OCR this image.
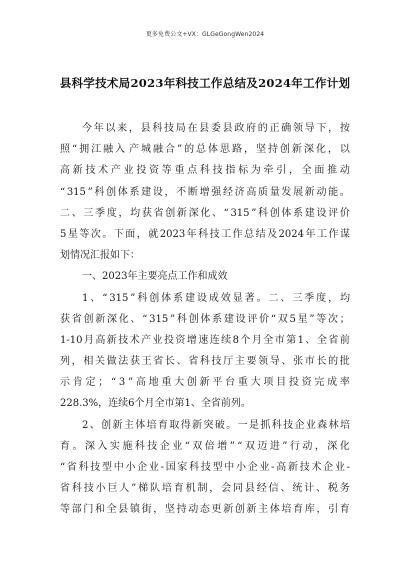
更多免费公文+VX：GLGeGongWen2024
县科学技术局2023年科技工作总结及2024年工作计划
今 年 以 来 ， 县 科 技 局 在 县 委 县 政 府 的 正 确 领 导 下 ， 按
照 “ 拥 江 融 入 产 城 融 合 ” 的 总 体 思 路 ， 坚 持 创 新 深 化 ， 以
高 新 技 术 产 业 投 资 等 重 点 科 技 指 标 为 牵 引 ， 全 面 推 动
“ 315 ” 科 创 体 系 建 设 ， 不 断 增 强 经 济 高 质 量 发 展 新 动 能 。
二 、 三 季 度 ， 均 获 省 创 新 深 化 、 “ 315 ” 科 创 体 系 建 设 评 价
5 星 等 次 。 下 面 ， 就 2023 年 科 技 工 作 总 结 及 2024 年 工 作 谋
划情况汇报如下：
一、2023年主要亮点工作和成效
1 、 “ 315 ” 科 创 体 系 建 设 成 效 显 著 。 二 、 三 季 度 ， 均
获 省 创 新 深 化 、 “ 315 ” 科 创 体 系 建 设 评 价 “ 双 5 星 ” 等 次 ；
1-10 月 高 新 技 术 产 业 投 资 增 速 连 续 8 个 月 全 市 第 1 、 全 省 前
列 ， 相 关 做 法 获 王 省 长 、 省 科 技 厅 主 要 领 导 、 张 市 长 的 批
示 肯 定 ； “ 3 ” 高 地 重 大 创 新 平 台 重 大 项 目 投 资 完 成 率
228.3%，连续6个月全市第1、全省前列。
2 、 创 新 主 体 培 育 取 得 新 突 破 。 一 是 抓 科 技 企 业 森 林 培
育 。 深 入 实 施 科 技 企 业 “ 双 倍 增 ” “ 双 迈 进 ” 行 动 ， 深 化
“ 省 科 技 型 中 小 企 业 - 国 家 科 技 型 中 小 企 业 - 高 新 技 术 企 业 -
省 科 技 小 巨 人 ” 梯 队 培 育 机 制 ， 会 同 县 经 信 、 统 计 、 税 务
等 部 门 和 全 县 镇 街 ， 坚 持 动 态 更 新 创 新 主 体 培 育 库 ， 引 育
